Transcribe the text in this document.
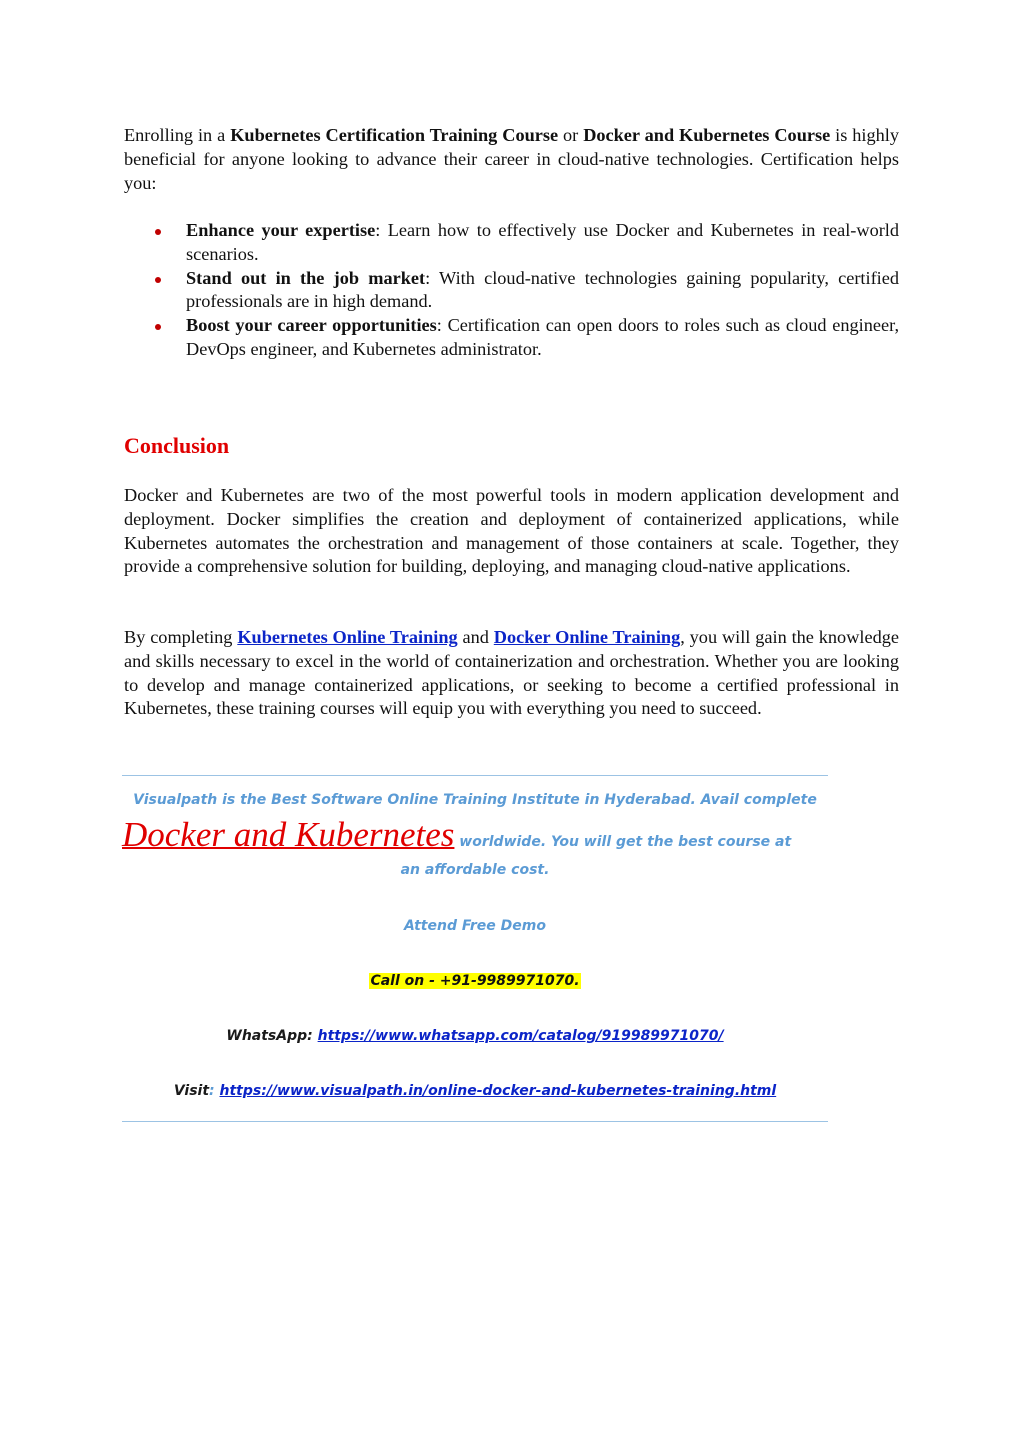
Enrolling in a Kubernetes Certification Training Course or Docker and Kubernetes Course is highly beneficial for anyone looking to advance their career in cloud-native technologies. Certification helps you:
Enhance your expertise: Learn how to effectively use Docker and Kubernetes in real-world scenarios.
Stand out in the job market: With cloud-native technologies gaining popularity, certified professionals are in high demand.
Boost your career opportunities: Certification can open doors to roles such as cloud engineer, DevOps engineer, and Kubernetes administrator.
Conclusion
Docker and Kubernetes are two of the most powerful tools in modern application development and deployment. Docker simplifies the creation and deployment of containerized applications, while Kubernetes automates the orchestration and management of those containers at scale. Together, they provide a comprehensive solution for building, deploying, and managing cloud-native applications.
By completing Kubernetes Online Training and Docker Online Training, you will gain the knowledge and skills necessary to excel in the world of containerization and orchestration. Whether you are looking to develop and manage containerized applications, or seeking to become a certified professional in Kubernetes, these training courses will equip you with everything you need to succeed.
Visualpath is the Best Software Online Training Institute in Hyderabad. Avail complete
Docker and Kubernetes worldwide. You will get the best course at
an affordable cost.
Attend Free Demo
Call on - +91-9989971070.
WhatsApp: https://www.whatsapp.com/catalog/919989971070/
Visit: https://www.visualpath.in/online-docker-and-kubernetes-training.html
